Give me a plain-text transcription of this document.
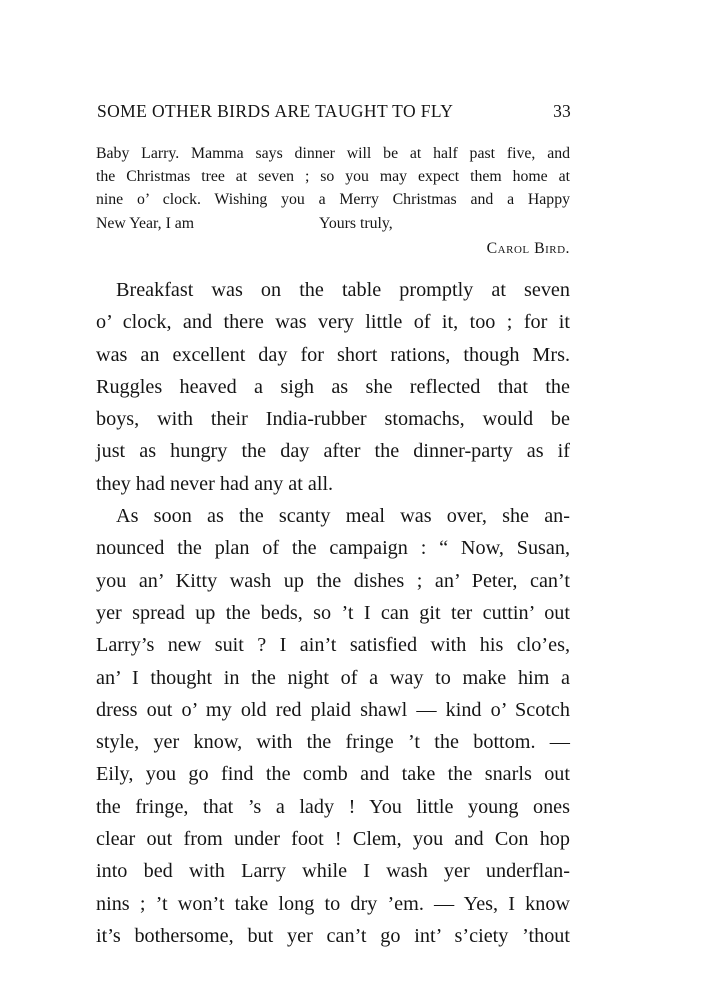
SOME OTHER BIRDS ARE TAUGHT TO FLY	33
Baby Larry. Mamma says dinner will be at half past five, and
the Christmas tree at seven ; so you may expect them home at
nine o’ clock. Wishing you a Merry Christmas and a Happy
New Year, I am	Yours truly,
Carol Bird.
Breakfast was on the table promptly at seven
o’ clock, and there was very little of it, too ; for it
was an excellent day for short rations, though Mrs.
Ruggles heaved a sigh as she reflected that the
boys, with their India-rubber stomachs, would be
just as hungry the day after the dinner-party as if
they had never had any at all.
As soon as the scanty meal was over, she an-
nounced the plan of the campaign : “ Now, Susan,
you an’ Kitty wash up the dishes ; an’ Peter, can’t
yer spread up the beds, so ’t I can git ter cuttin’ out
Larry’s new suit ? I ain’t satisfied with his clo’es,
an’ I thought in the night of a way to make him a
dress out o’ my old red plaid shawl — kind o’ Scotch
style, yer know, with the fringe ’t the bottom. —
Eily, you go find the comb and take the snarls out
the fringe, that ’s a lady ! You little young ones
clear out from under foot ! Clem, you and Con hop
into bed with Larry while I wash yer underflan-
nins ; ’t won’t take long to dry ’em. — Yes, I know
it’s bothersome, but yer can’t go int’ s’ciety ’thout
